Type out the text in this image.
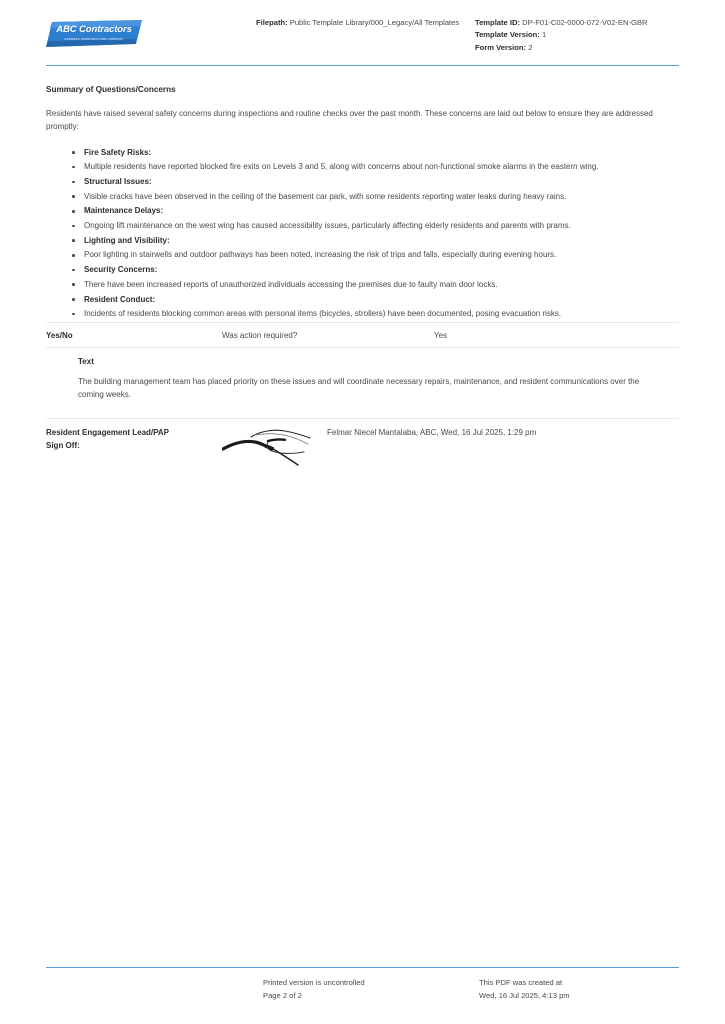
ABC Contractors
EXAMPLE CONSTRUCTION COMPANY
Filepath: Public Template Library/000_Legacy/All Templates	Template ID: DP-F01-C02-0000-072-V02-EN-GBR
Template Version: 1
Form Version: 2
Summary of Questions/Concerns
Residents have raised several safety concerns during inspections and routine checks over the past month. These concerns are laid out below to ensure they are addressed promptly:
Fire Safety Risks:
Multiple residents have reported blocked fire exits on Levels 3 and 5, along with concerns about non-functional smoke alarms in the eastern wing.
Structural Issues:
Visible cracks have been observed in the ceiling of the basement car park, with some residents reporting water leaks during heavy rains.
Maintenance Delays:
Ongoing lift maintenance on the west wing has caused accessibility issues, particularly affecting elderly residents and parents with prams.
Lighting and Visibility:
Poor lighting in stairwells and outdoor pathways has been noted, increasing the risk of trips and falls, especially during evening hours.
Security Concerns:
There have been increased reports of unauthorized individuals accessing the premises due to faulty main door locks.
Resident Conduct:
Incidents of residents blocking common areas with personal items (bicycles, strollers) have been documented, posing evacuation risks.
Yes/No	Was action required?	Yes
Text
The building management team has placed priority on these issues and will coordinate necessary repairs, maintenance, and resident communications over the coming weeks.
Resident Engagement Lead/PAP
Sign Off:
Felmar Niecel Mantalaba, ABC, Wed, 16 Jul 2025, 1:29 pm
Printed version is uncontrolled
Page 2 of 2
This PDF was created at
Wed, 16 Jul 2025, 4:13 pm
